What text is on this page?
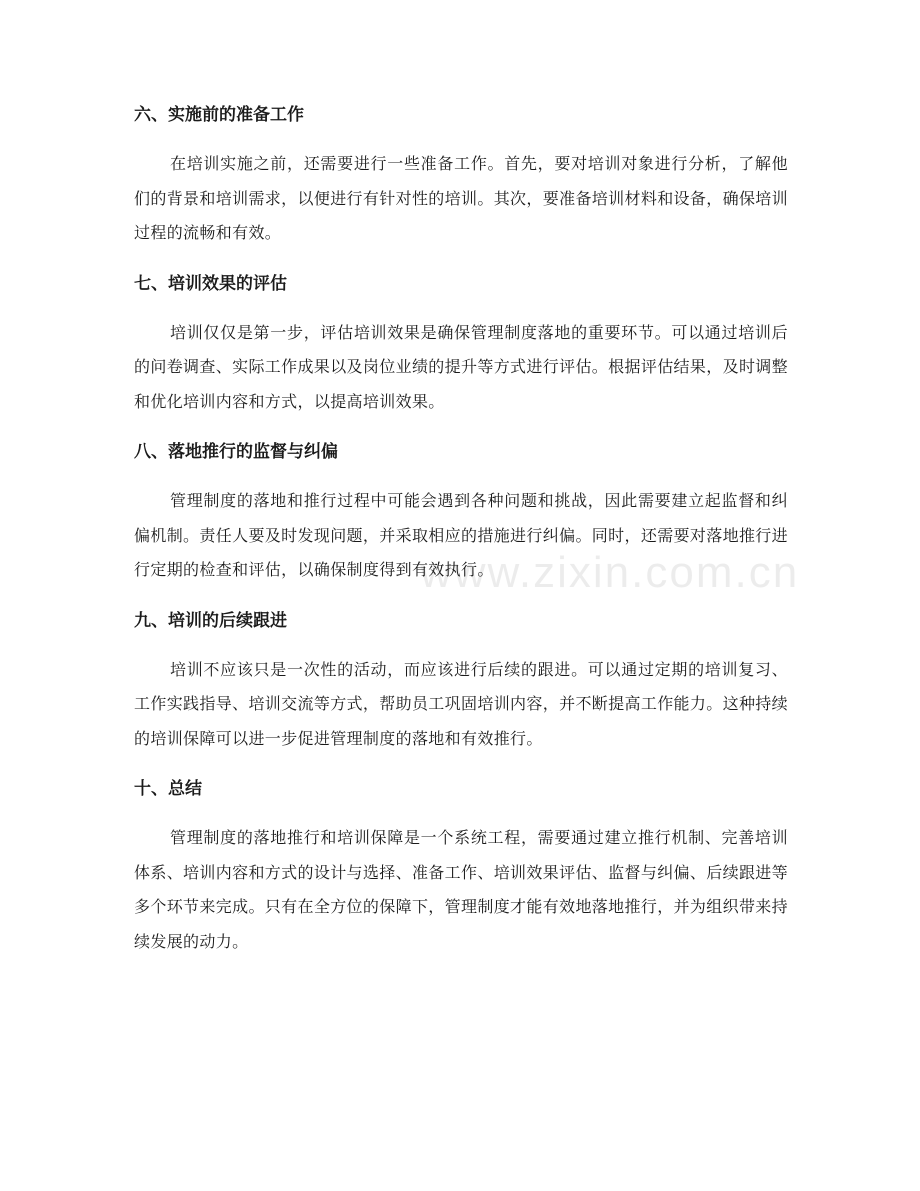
六、实施前的准备工作

在培训实施之前，还需要进行一些准备工作。首先，要对培训对象进行分析，了解他们的背景和培训需求，以便进行有针对性的培训。其次，要准备培训材料和设备，确保培训过程的流畅和有效。

七、培训效果的评估

培训仅仅是第一步，评估培训效果是确保管理制度落地的重要环节。可以通过培训后的问卷调查、实际工作成果以及岗位业绩的提升等方式进行评估。根据评估结果，及时调整和优化培训内容和方式，以提高培训效果。

八、落地推行的监督与纠偏

管理制度的落地和推行过程中可能会遇到各种问题和挑战，因此需要建立起监督和纠偏机制。责任人要及时发现问题，并采取相应的措施进行纠偏。同时，还需要对落地推行进行定期的检查和评估，以确保制度得到有效执行。

九、培训的后续跟进

培训不应该只是一次性的活动，而应该进行后续的跟进。可以通过定期的培训复习、工作实践指导、培训交流等方式，帮助员工巩固培训内容，并不断提高工作能力。这种持续的培训保障可以进一步促进管理制度的落地和有效推行。

十、总结

管理制度的落地推行和培训保障是一个系统工程，需要通过建立推行机制、完善培训体系、培训内容和方式的设计与选择、准备工作、培训效果评估、监督与纠偏、后续跟进等多个环节来完成。只有在全方位的保障下，管理制度才能有效地落地推行，并为组织带来持续发展的动力。

www.zixin.com.cn
